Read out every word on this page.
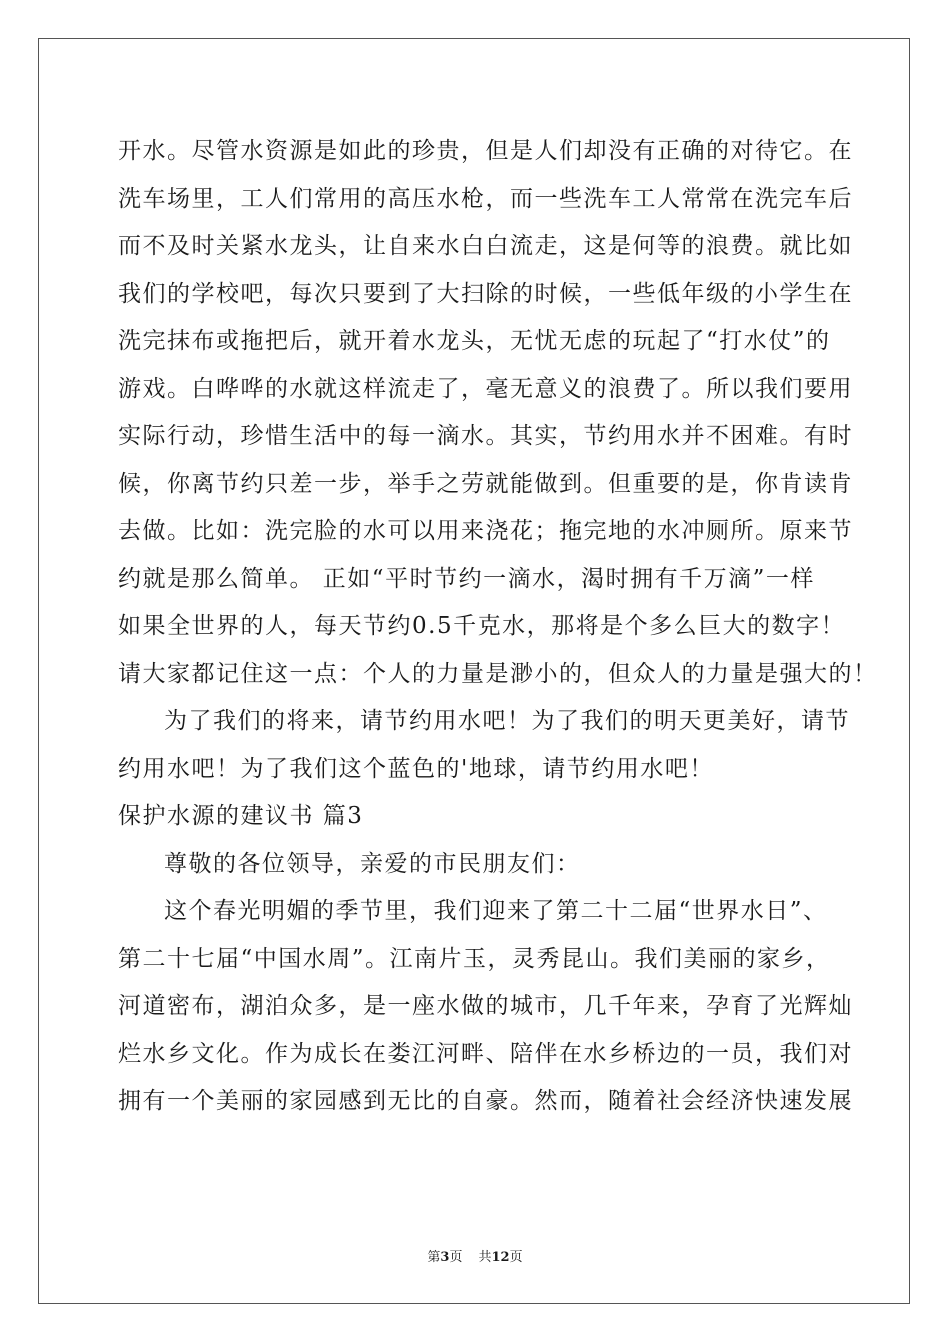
开水。尽管水资源是如此的珍贵，但是人们却没有正确的对待它。在
洗车场里，工人们常用的高压水枪，而一些洗车工人常常在洗完车后
而不及时关紧水龙头，让自来水白白流走，这是何等的浪费。就比如
我们的学校吧，每次只要到了大扫除的时候，一些低年级的小学生在
洗完抹布或拖把后，就开着水龙头，无忧无虑的玩起了“打水仗”的
游戏。白哗哗的水就这样流走了，毫无意义的浪费了。所以我们要用
实际行动，珍惜生活中的每一滴水。其实，节约用水并不困难。有时
候，你离节约只差一步，举手之劳就能做到。但重要的是，你肯读肯
去做。比如：洗完脸的水可以用来浇花；拖完地的水冲厕所。原来节
约就是那么简单。 正如“平时节约一滴水，渴时拥有千万滴”一样
如果全世界的人，每天节约0.5千克水，那将是个多么巨大的数字！
请大家都记住这一点：个人的力量是渺小的，但众人的力量是强大的！
为了我们的将来，请节约用水吧！为了我们的明天更美好，请节
约用水吧！为了我们这个蓝色的'地球，请节约用水吧！
保护水源的建议书 篇3
尊敬的各位领导，亲爱的市民朋友们：
这个春光明媚的季节里，我们迎来了第二十二届“世界水日”、
第二十七届“中国水周”。江南片玉，灵秀昆山。我们美丽的家乡，
河道密布，湖泊众多，是一座水做的城市，几千年来，孕育了光辉灿
烂水乡文化。作为成长在娄江河畔、陪伴在水乡桥边的一员，我们对
拥有一个美丽的家园感到无比的自豪。然而，随着社会经济快速发展
第3页 共12页
